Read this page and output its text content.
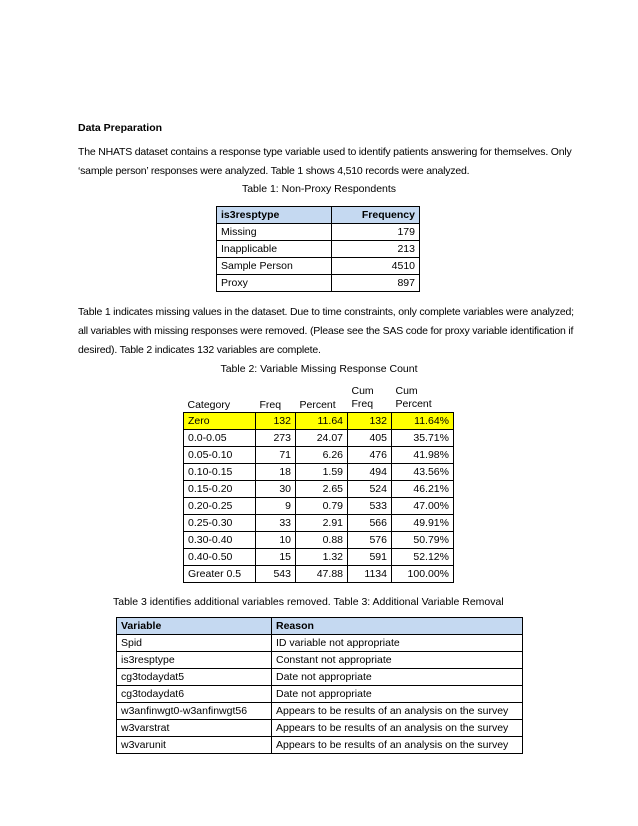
Data Preparation
The NHATS dataset contains a response type variable used to identify patients answering for themselves. Only ‘sample person’ responses were analyzed. Table 1 shows 4,510 records were analyzed.
Table 1: Non-Proxy Respondents
is3resptype	Frequency
Missing	179
Inapplicable	213
Sample Person	4510
Proxy	897
Table 1 indicates missing values in the dataset. Due to time constraints, only complete variables were analyzed; all variables with missing responses were removed. (Please see the SAS code for proxy variable identification if desired). Table 2 indicates 132 variables are complete.
Table 2: Variable Missing Response Count
Category	Freq	Percent	Cum Freq	Cum Percent
Zero	132	11.64	132	11.64%
0.0-0.05	273	24.07	405	35.71%
0.05-0.10	71	6.26	476	41.98%
0.10-0.15	18	1.59	494	43.56%
0.15-0.20	30	2.65	524	46.21%
0.20-0.25	9	0.79	533	47.00%
0.25-0.30	33	2.91	566	49.91%
0.30-0.40	10	0.88	576	50.79%
0.40-0.50	15	1.32	591	52.12%
Greater 0.5	543	47.88	1134	100.00%
Table 3 identifies additional variables removed. Table 3: Additional Variable Removal
Variable	Reason
Spid	ID variable not appropriate
is3resptype	Constant not appropriate
cg3todaydat5	Date not appropriate
cg3todaydat6	Date not appropriate
w3anfinwgt0-w3anfinwgt56	Appears to be results of an analysis on the survey
w3varstrat	Appears to be results of an analysis on the survey
w3varunit	Appears to be results of an analysis on the survey
